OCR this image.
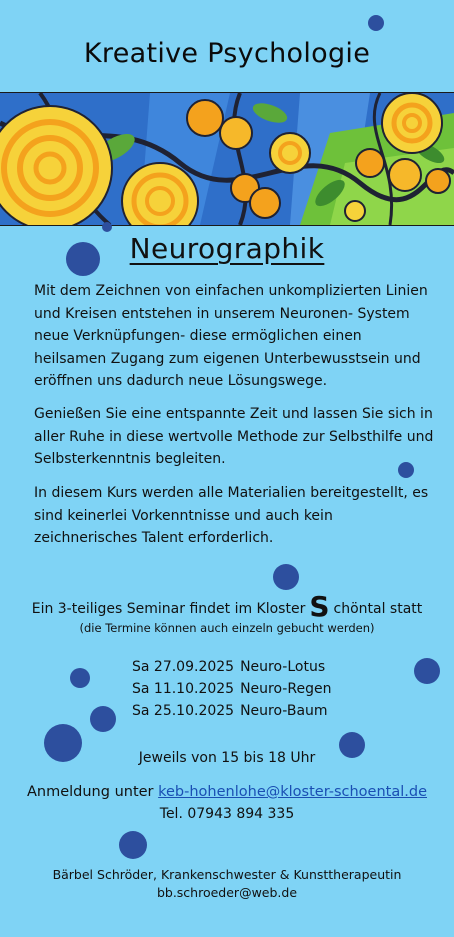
Kreative Psychologie
Neurographik
Mit dem Zeichnen von einfachen unkomplizierten Linien und Kreisen entstehen in unserem Neuronen- System neue Verknüpfungen- diese ermöglichen einen heilsamen Zugang zum eigenen Unterbewusstsein und eröffnen uns dadurch neue Lösungswege.
Genießen Sie eine entspannte Zeit und lassen Sie sich in aller Ruhe in diese wertvolle Methode zur Selbsthilfe und Selbsterkenntnis begleiten.
In diesem Kurs werden alle Materialien bereitgestellt, es sind keinerlei Vorkenntnisse und auch kein zeichnerisches Talent erforderlich.
Ein 3-teiliges Seminar findet im Kloster S chöntal statt
(die Termine können auch einzeln gebucht werden)
Sa 27.09.2025 Neuro-Lotus
Sa 11.10.2025 Neuro-Regen
Sa 25.10.2025 Neuro-Baum
Jeweils von 15 bis 18 Uhr
Anmeldung unter keb-hohenlohe@kloster-schoental.de
Tel. 07943 894 335
Bärbel Schröder, Krankenschwester & Kunsttherapeutin
bb.schroeder@web.de
